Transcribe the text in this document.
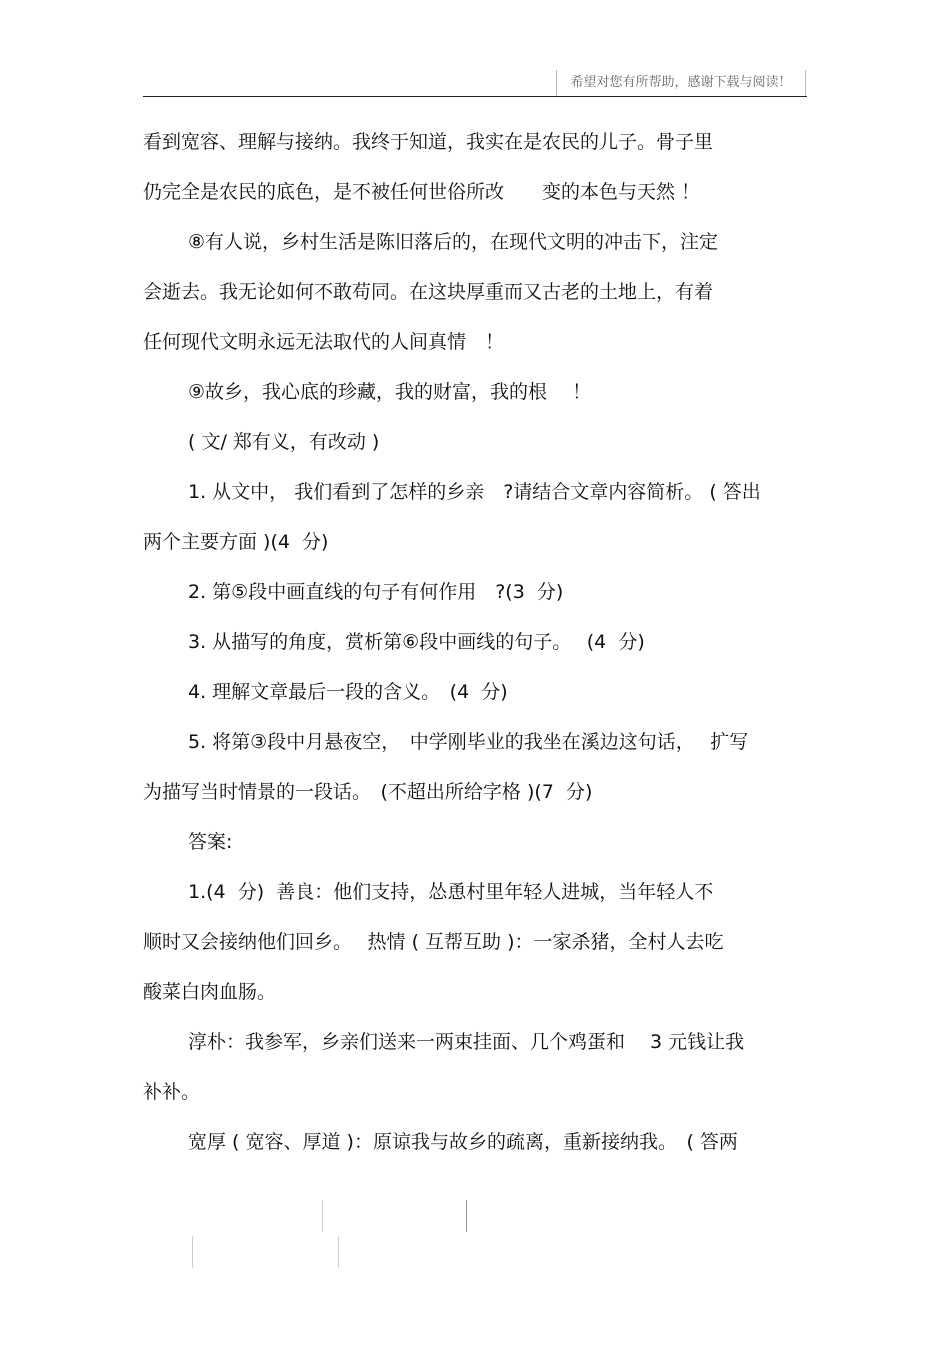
希望对您有所帮助，感谢下载与阅读！
看到宽容、理解与接纳。我终于知道，我实在是农民的儿子。骨子里
仍完全是农民的底色，是不被任何世俗所改　　变的本色与天然 ！
⑧有人说，乡村生活是陈旧落后的，在现代文明的冲击下，注定
会逝去。我无论如何不敢苟同。在这块厚重而又古老的土地上，有着
任何现代文明永远无法取代的人间真情　！
⑨故乡，我心底的珍藏，我的财富，我的根　 ！
( 文/ 郑有义，有改动 )
1. 从文中， 我们看到了怎样的乡亲　?请结合文章内容简析。 ( 答出
两个主要方面 )(4  分)
2. 第⑤段中画直线的句子有何作用　?(3  分)
3. 从描写的角度，赏析第⑥段中画线的句子。　 (4  分)
4. 理解文章最后一段的含义。　(4  分)
5. 将第③段中月悬夜空，　中学刚毕业的我坐在溪边这句话，　 扩写
为描写当时情景的一段话。　(不超出所给字格 )(7  分)
答案:
1.(4  分)  善良：他们支持，怂恿村里年轻人进城，当年轻人不
顺时又会接纳他们回乡。　 热情 ( 互帮互助 )：一家杀猪，全村人去吃
酸菜白肉血肠。
淳朴：我参军，乡亲们送来一两束挂面、几个鸡蛋和　 3 元钱让我
补补。
宽厚 ( 宽容、厚道 )：原谅我与故乡的疏离，重新接纳我。　( 答两
